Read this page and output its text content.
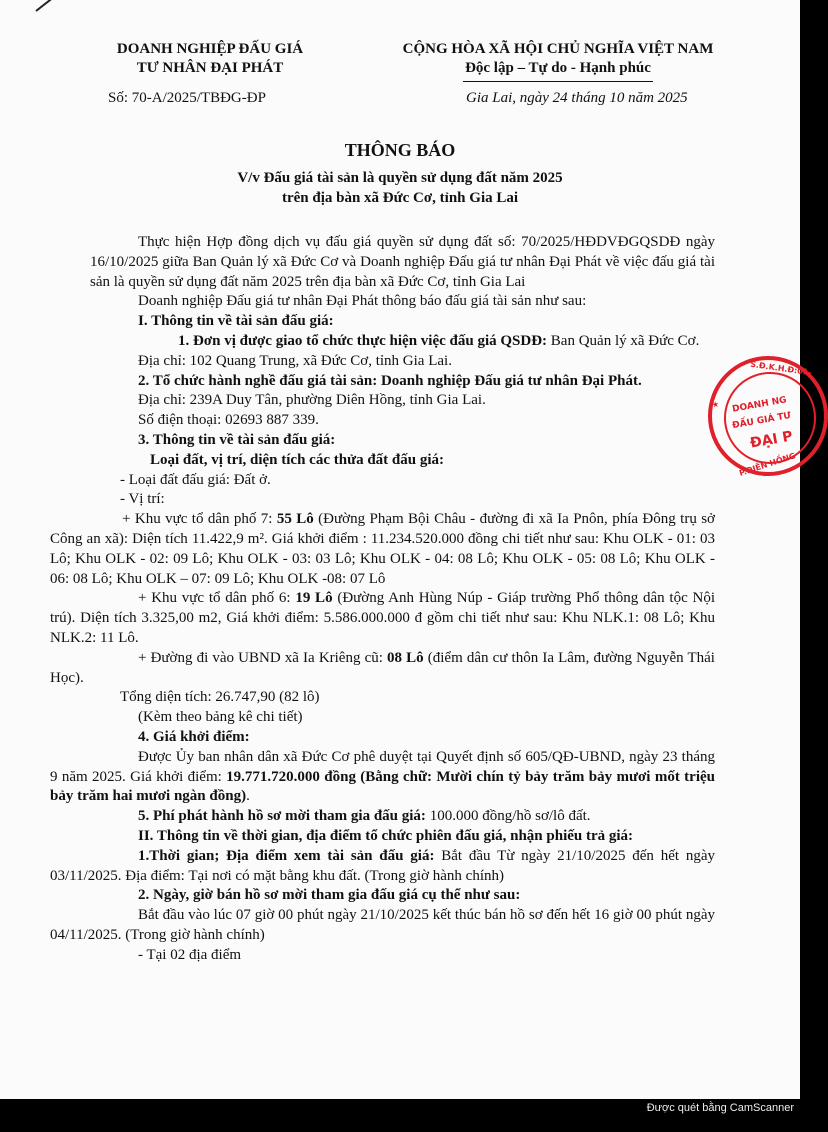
DOANH NGHIỆP ĐẤU GIÁ
TƯ NHÂN ĐẠI PHÁT
CỘNG HÒA XÃ HỘI CHỦ NGHĨA VIỆT NAM
Độc lập – Tự do - Hạnh phúc
Số: 70-A/2025/TBĐG-ĐP	Gia Lai, ngày 24 tháng 10 năm 2025
THÔNG BÁO
V/v Đấu giá tài sản là quyền sử dụng đất năm 2025
trên địa bàn xã Đức Cơ, tỉnh Gia Lai

Thực hiện Hợp đồng dịch vụ đấu giá quyền sử dụng đất số: 70/2025/HĐDVĐGQSDĐ ngày 16/10/2025 giữa Ban Quản lý xã Đức Cơ và Doanh nghiệp Đấu giá tư nhân Đại Phát về việc đấu giá tài sản là quyền sử dụng đất năm 2025 trên địa bàn xã Đức Cơ, tỉnh Gia Lai

Doanh nghiệp Đấu giá tư nhân Đại Phát thông báo đấu giá tài sản như sau:

I. Thông tin về tài sản đấu giá:

1. Đơn vị được giao tổ chức thực hiện việc đấu giá QSDĐ: Ban Quản lý xã Đức Cơ.

Địa chỉ: 102 Quang Trung, xã Đức Cơ, tỉnh Gia Lai.

2. Tổ chức hành nghề đấu giá tài sản: Doanh nghiệp Đấu giá tư nhân Đại Phát.

Địa chỉ: 239A Duy Tân, phường Diên Hồng, tỉnh Gia Lai.

Số điện thoại: 02693 887 339.

3. Thông tin về tài sản đấu giá:

Loại đất, vị trí, diện tích các thửa đất đấu giá:

- Loại đất đấu giá: Đất ở.

- Vị trí:

+ Khu vực tổ dân phố 7: 55 Lô (Đường Phạm Bội Châu - đường đi xã Ia Pnôn, phía Đông trụ sở Công an xã): Diện tích 11.422,9 m². Giá khởi điểm : 11.234.520.000 đồng chi tiết như sau: Khu OLK - 01: 03 Lô; Khu OLK - 02: 09 Lô; Khu OLK - 03: 03 Lô; Khu OLK - 04: 08 Lô; Khu OLK - 05: 08 Lô; Khu OLK - 06: 08 Lô; Khu OLK – 07: 09 Lô; Khu OLK -08: 07 Lô

+ Khu vực tổ dân phố 6: 19 Lô (Đường Anh Hùng Núp - Giáp trường Phổ thông dân tộc Nội trú). Diện tích 3.325,00 m2, Giá khởi điểm: 5.586.000.000 đ gồm chi tiết như sau: Khu NLK.1: 08 Lô; Khu NLK.2: 11 Lô.

+ Đường đi vào UBND xã Ia Kriêng cũ: 08 Lô (điểm dân cư thôn Ia Lâm, đường Nguyễn Thái Học).

Tổng diện tích: 26.747,90 (82 lô)

(Kèm theo bảng kê chi tiết)

4. Giá khởi điểm:

Được Ủy ban nhân dân xã Đức Cơ phê duyệt tại Quyết định số 605/QĐ-UBND, ngày 23 tháng 9 năm 2025. Giá khởi điểm: 19.771.720.000 đồng (Bằng chữ: Mười chín tỷ bảy trăm bảy mươi mốt triệu bảy trăm hai mươi ngàn đồng).

5. Phí phát hành hồ sơ mời tham gia đấu giá: 100.000 đồng/hồ sơ/lô đất.

II. Thông tin về thời gian, địa điểm tổ chức phiên đấu giá, nhận phiếu trả giá:

1.Thời gian; Địa điểm xem tài sản đấu giá: Bắt đầu Từ ngày 21/10/2025 đến hết ngày 03/11/2025. Địa điểm: Tại nơi có mặt bằng khu đất. (Trong giờ hành chính)

2. Ngày, giờ bán hồ sơ mời tham gia đấu giá cụ thể như sau:

Bắt đầu vào lúc 07 giờ 00 phút ngày 21/10/2025 kết thúc bán hồ sơ đến hết 16 giờ 00 phút ngày 04/11/2025. (Trong giờ hành chính)

- Tại 02 địa điểm

S.Đ.K.H.Đ:01-
DOANH NG
ĐẤU GIÁ TƯ
ĐẠI P
P.DIÊN HỒNG
★
Được quét bằng CamScanner
